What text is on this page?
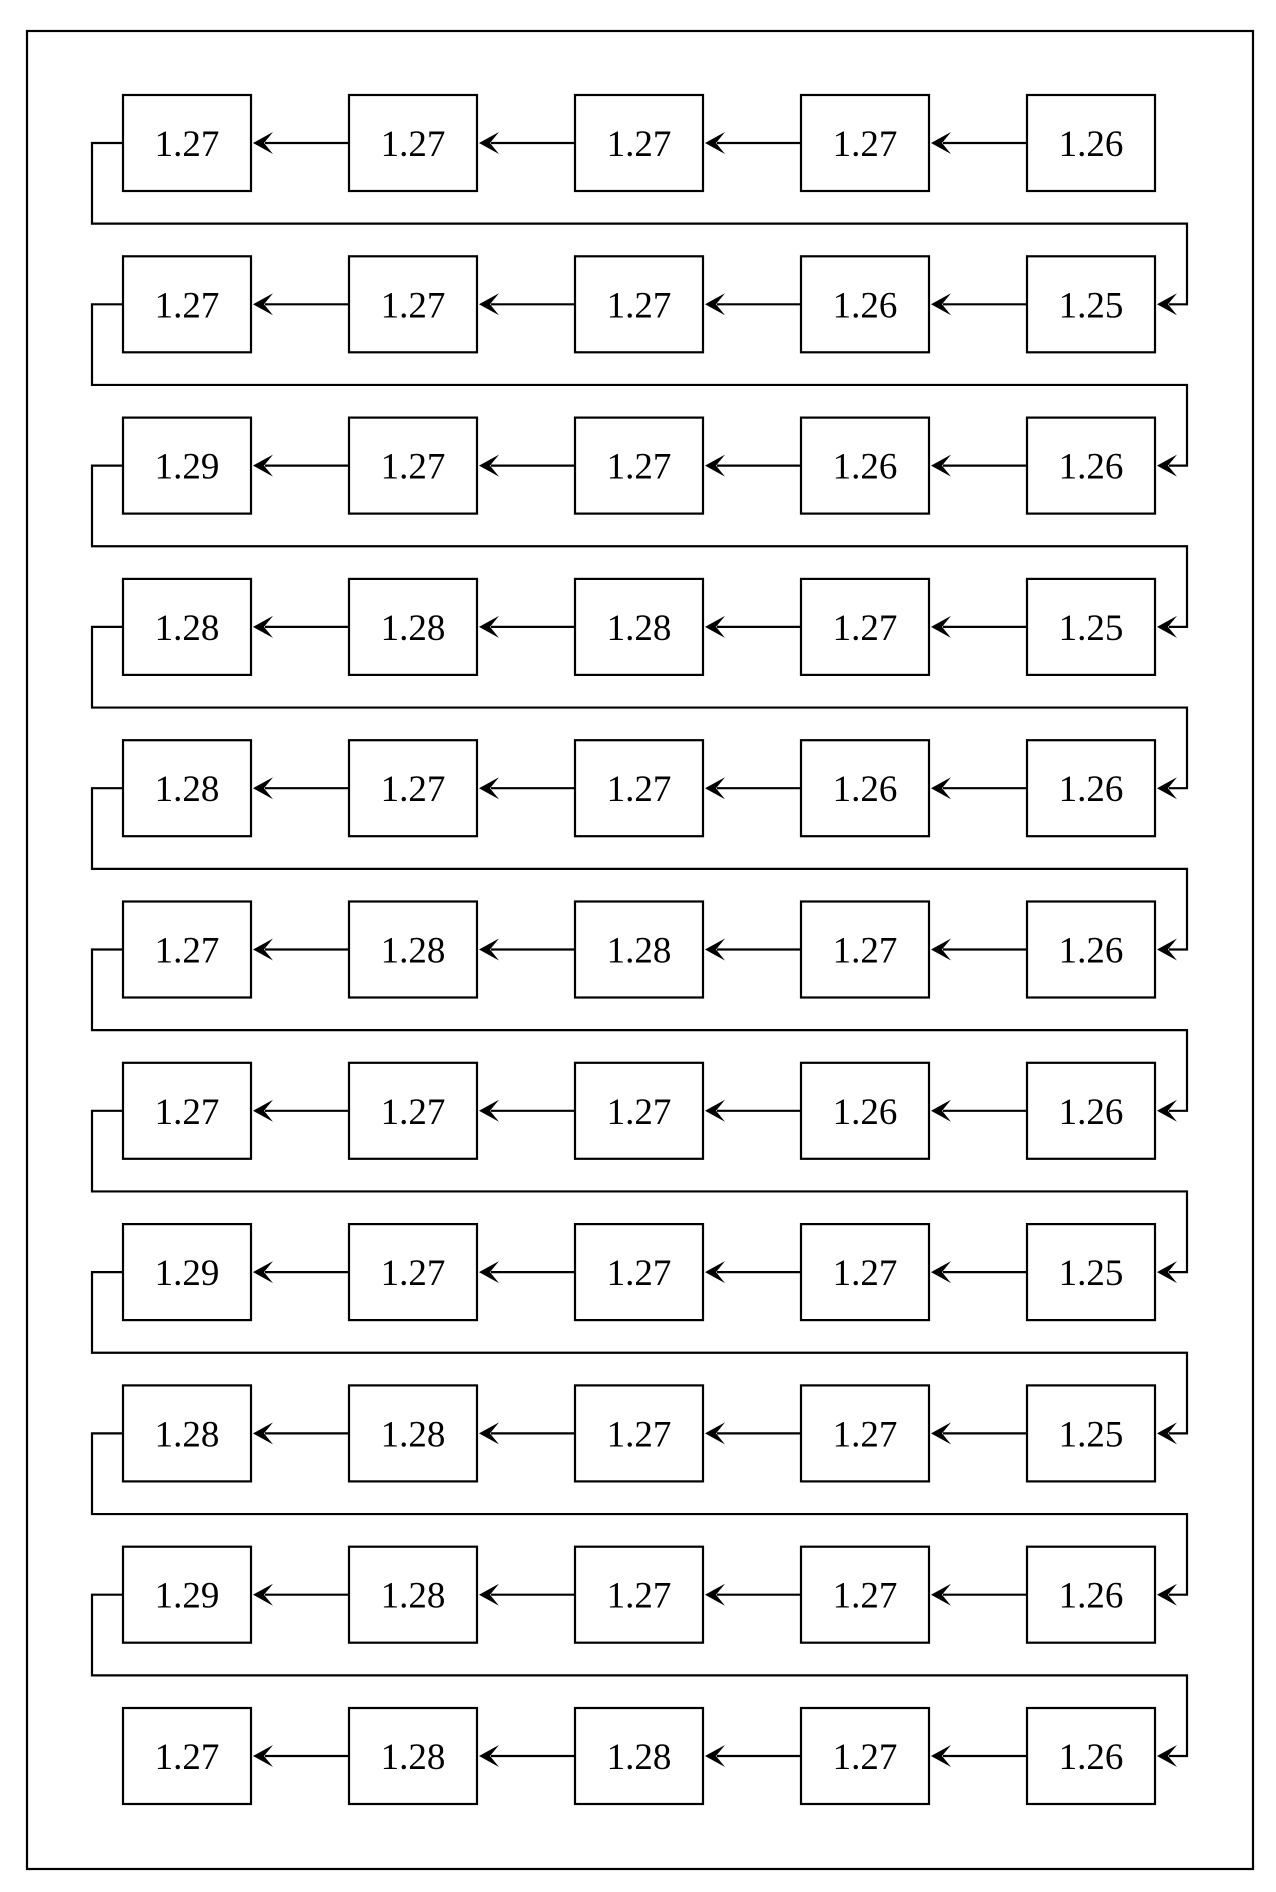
1.27	1.27	1.27	1.27	1.26
1.27	1.27	1.27	1.26	1.25
1.29	1.27	1.27	1.26	1.26
1.28	1.28	1.28	1.27	1.25
1.28	1.27	1.27	1.26	1.26
1.27	1.28	1.28	1.27	1.26
1.27	1.27	1.27	1.26	1.26
1.29	1.27	1.27	1.27	1.25
1.28	1.28	1.27	1.27	1.25
1.29	1.28	1.27	1.27	1.26
1.27	1.28	1.28	1.27	1.26
